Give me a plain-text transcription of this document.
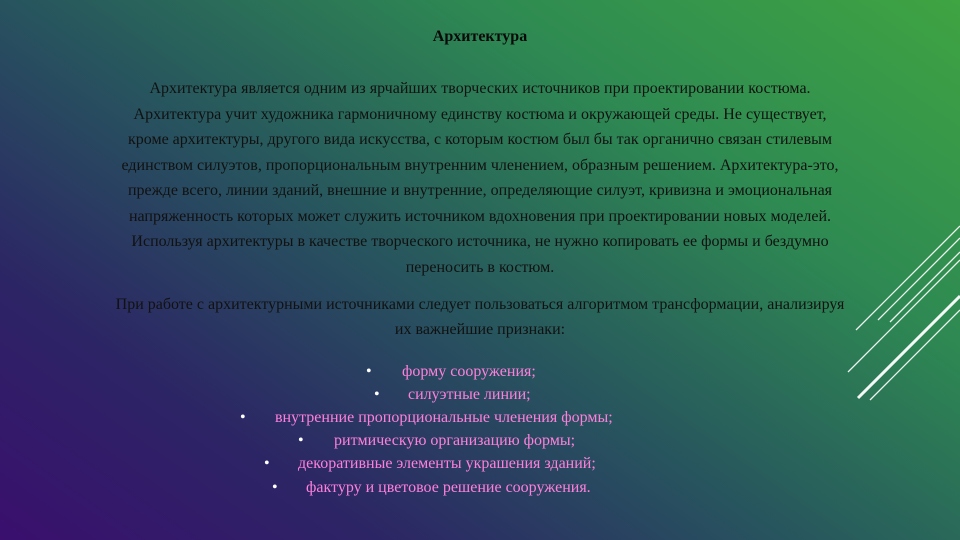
Архитектура
Архитектура является одним из ярчайших творческих источников при проектировании костюма.
Архитектура учит художника гармоничному единству костюма и окружающей среды. Не существует,
кроме архитектуры, другого вида искусства, с которым костюм был бы так органично связан стилевым
единством силуэтов, пропорциональным внутренним членением, образным решением. Архитектура-это,
прежде всего, линии зданий, внешние и внутренние, определяющие силуэт, кривизна и эмоциональная
напряженность которых может служить источником вдохновения при проектировании новых моделей.
Используя архитектуры в качестве творческого источника, не нужно копировать ее формы и бездумно
переносить в костюм.
При работе с архитектурными источниками следует пользоваться алгоритмом трансформации, анализируя
их важнейшие признаки:
• форму сооружения;
• силуэтные линии;
• внутренние пропорциональные членения формы;
• ритмическую организацию формы;
• декоративные элементы украшения зданий;
• фактуру и цветовое решение сооружения.
